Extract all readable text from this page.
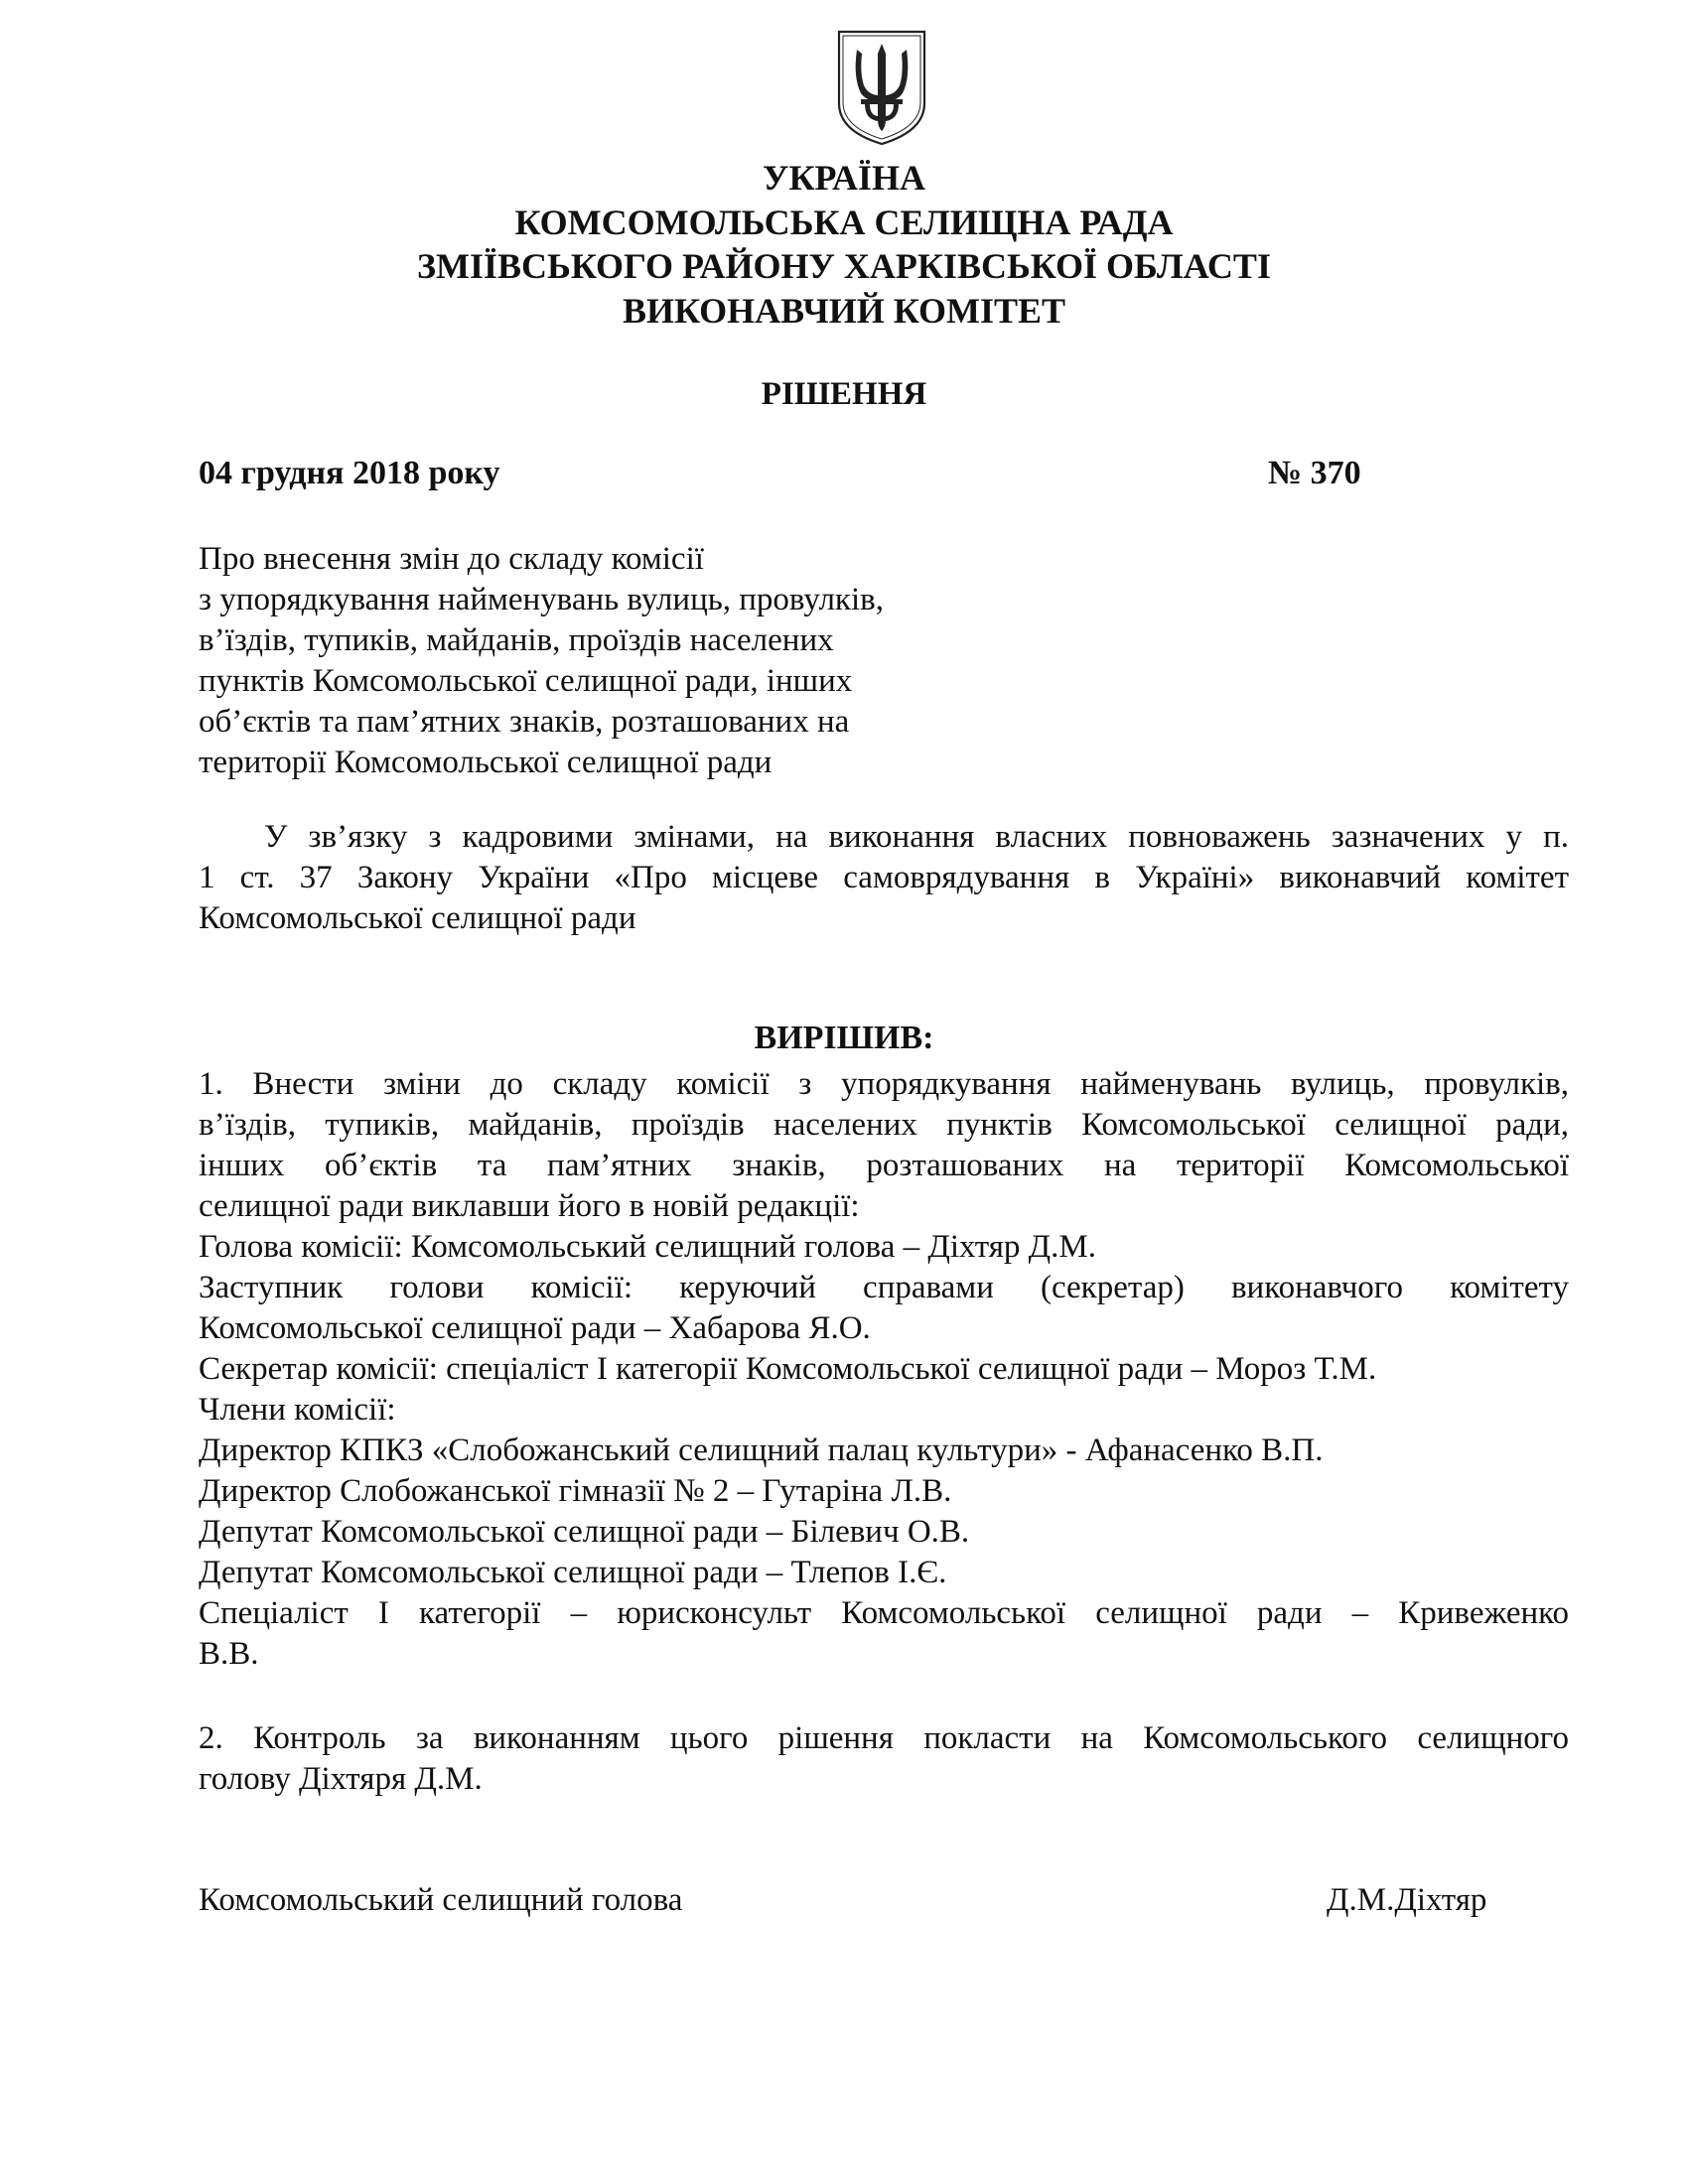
УКРАЇНА

КОМСОМОЛЬСЬКА СЕЛИЩНА РАДА

ЗМІЇВСЬКОГО РАЙОНУ ХАРКІВСЬКОЇ ОБЛАСТІ

ВИКОНАВЧИЙ КОМІТЕТ

РІШЕННЯ

04 грудня 2018 року	№ 370
Про внесення змін до складу комісії
з упорядкування найменувань вулиць, провулків,
в’їздів, тупиків, майданів, проїздів населених
пунктів Комсомольської селищної ради, інших
об’єктів та пам’ятних знаків, розташованих на
території Комсомольської селищної ради
У зв’язку з кадровими змінами, на виконання власних повноважень зазначених у п.
1 ст. 37 Закону України «Про місцеве самоврядування в Україні» виконавчий комітет
Комсомольської селищної ради

ВИРІШИВ:

1. Внести зміни до складу комісії з упорядкування найменувань вулиць, провулків,
в’їздів, тупиків, майданів, проїздів населених пунктів Комсомольської селищної ради,
інших об’єктів та пам’ятних знаків, розташованих на території Комсомольської
селищної ради виклавши його в новій редакції:
Голова комісії: Комсомольський селищний голова – Діхтяр Д.М.
Заступник голови комісії: керуючий справами (секретар) виконавчого комітету
Комсомольської селищної ради – Хабарова Я.О.
Секретар комісії: спеціаліст І категорії Комсомольської селищної ради – Мороз Т.М.
Члени комісії:
Директор КПКЗ «Слобожанський селищний палац культури» - Афанасенко В.П.
Директор Слобожанської гімназії № 2 – Гутаріна Л.В.
Депутат Комсомольської селищної ради – Білевич О.В.
Депутат Комсомольської селищної ради – Тлепов І.Є.
Спеціаліст І категорії – юрисконсульт Комсомольської селищної ради – Кривеженко
В.В.
2. Контроль за виконанням цього рішення покласти на Комсомольського селищного
голову Діхтяря Д.М.
Комсомольський селищний голова	Д.М.Діхтяр
